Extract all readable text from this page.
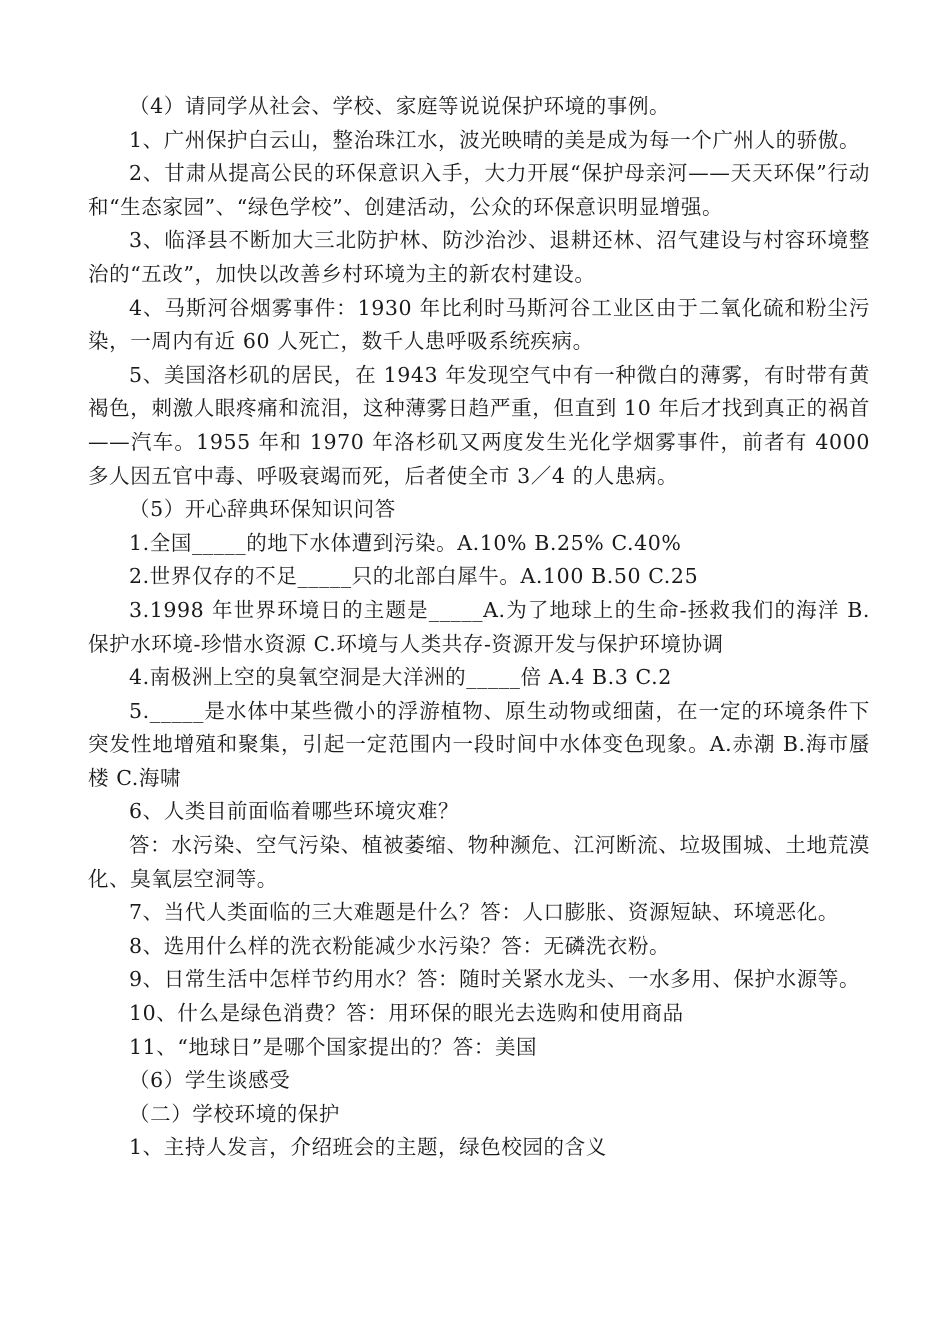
（4）请同学从社会、学校、家庭等说说保护环境的事例。

1、广州保护白云山，整治珠江水，波光映晴的美是成为每一个广州人的骄傲。

2、甘肃从提高公民的环保意识入手，大力开展“保护母亲河——天天环保”行动和“生态家园”、“绿色学校”、创建活动，公众的环保意识明显增强。

3、临泽县不断加大三北防护林、防沙治沙、退耕还林、沼气建设与村容环境整治的“五改”，加快以改善乡村环境为主的新农村建设。

4、马斯河谷烟雾事件：1930 年比利时马斯河谷工业区由于二氧化硫和粉尘污染，一周内有近 60 人死亡，数千人患呼吸系统疾病。

5、美国洛杉矶的居民，在 1943 年发现空气中有一种微白的薄雾，有时带有黄褐色，刺激人眼疼痛和流泪，这种薄雾日趋严重，但直到 10 年后才找到真正的祸首——汽车。1955 年和 1970 年洛杉矶又两度发生光化学烟雾事件，前者有 4000 多人因五官中毒、呼吸衰竭而死，后者使全市 3／4 的人患病。

（5）开心辞典环保知识问答

1.全国_____的地下水体遭到污染。A.10% B.25% C.40%

2.世界仅存的不足_____只的北部白犀牛。A.100 B.50 C.25

3.1998 年世界环境日的主题是_____A.为了地球上的生命-拯救我们的海洋 B.保护水环境-珍惜水资源 C.环境与人类共存-资源开发与保护环境协调

4.南极洲上空的臭氧空洞是大洋洲的_____倍 A.4 B.3 C.2

5._____是水体中某些微小的浮游植物、原生动物或细菌，在一定的环境条件下突发性地增殖和聚集，引起一定范围内一段时间中水体变色现象。A.赤潮 B.海市蜃楼 C.海啸

6、人类目前面临着哪些环境灾难？

答：水污染、空气污染、植被萎缩、物种濒危、江河断流、垃圾围城、土地荒漠化、臭氧层空洞等。

7、当代人类面临的三大难题是什么？答：人口膨胀、资源短缺、环境恶化。

8、选用什么样的洗衣粉能减少水污染？答：无磷洗衣粉。

9、日常生活中怎样节约用水？答：随时关紧水龙头、一水多用、保护水源等。

10、什么是绿色消费？答：用环保的眼光去选购和使用商品

11、“地球日”是哪个国家提出的？答：美国

（6）学生谈感受

（二）学校环境的保护

1、主持人发言，介绍班会的主题，绿色校园的含义
